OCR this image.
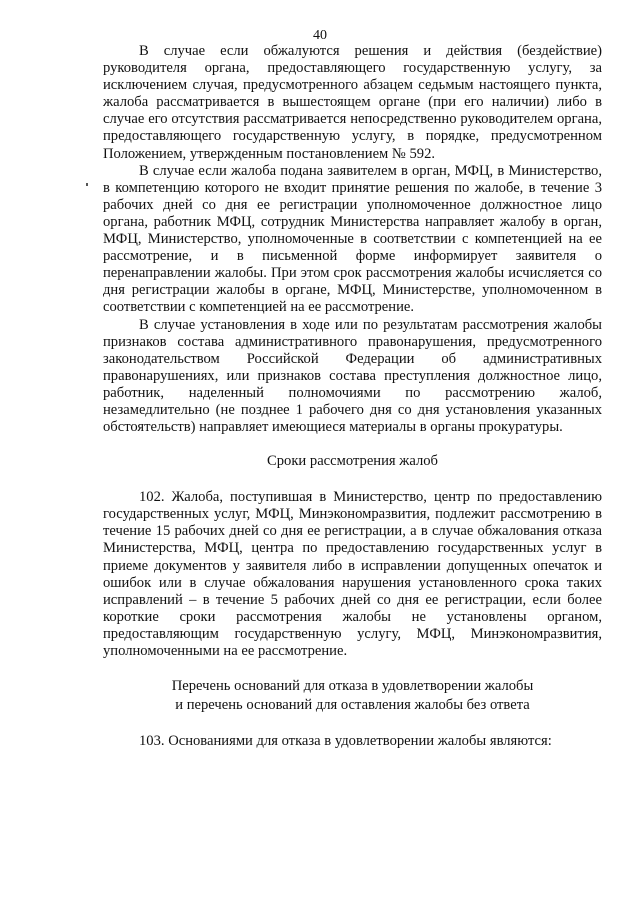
40

В случае если обжалуются решения и действия (бездействие) руководителя органа, предоставляющего государственную услугу, за исключением случая, предусмотренного абзацем седьмым настоящего пункта, жалоба рассматривается в вышестоящем органе (при его наличии) либо в случае его отсутствия рассматривается непосредственно руководителем органа, предоставляющего государственную услугу, в порядке, предусмотренном Положением, утвержденным постановлением № 592.

В случае если жалоба подана заявителем в орган, МФЦ, в Министерство, в компетенцию которого не входит принятие решения по жалобе, в течение 3 рабочих дней со дня ее регистрации уполномоченное должностное лицо органа, работник МФЦ, сотрудник Министерства направляет жалобу в орган, МФЦ, Министерство, уполномоченные в соответствии с компетенцией на ее рассмотрение, и в письменной форме информирует заявителя о перенаправлении жалобы. При этом срок рассмотрения жалобы исчисляется со дня регистрации жалобы в органе, МФЦ, Министерстве, уполномоченном в соответствии с компетенцией на ее рассмотрение.

В случае установления в ходе или по результатам рассмотрения жалобы признаков состава административного правонарушения, предусмотренного законодательством Российской Федерации об административных правонарушениях, или признаков состава преступления должностное лицо, работник, наделенный полномочиями по рассмотрению жалоб, незамедлительно (не позднее 1 рабочего дня со дня установления указанных обстоятельств) направляет имеющиеся материалы в органы прокуратуры.

Сроки рассмотрения жалоб

102. Жалоба, поступившая в Министерство, центр по предоставлению государственных услуг, МФЦ, Минэкономразвития, подлежит рассмотрению в течение 15 рабочих дней со дня ее регистрации, а в случае обжалования отказа Министерства, МФЦ, центра по предоставлению государственных услуг в приеме документов у заявителя либо в исправлении допущенных опечаток и ошибок или в случае обжалования нарушения установленного срока таких исправлений – в течение 5 рабочих дней со дня ее регистрации, если более короткие сроки рассмотрения жалобы не установлены органом, предоставляющим государственную услугу, МФЦ, Минэкономразвития, уполномоченными на ее рассмотрение.

Перечень оснований для отказа в удовлетворении жалобы
и перечень оснований для оставления жалобы без ответа

103. Основаниями для отказа в удовлетворении жалобы являются:
